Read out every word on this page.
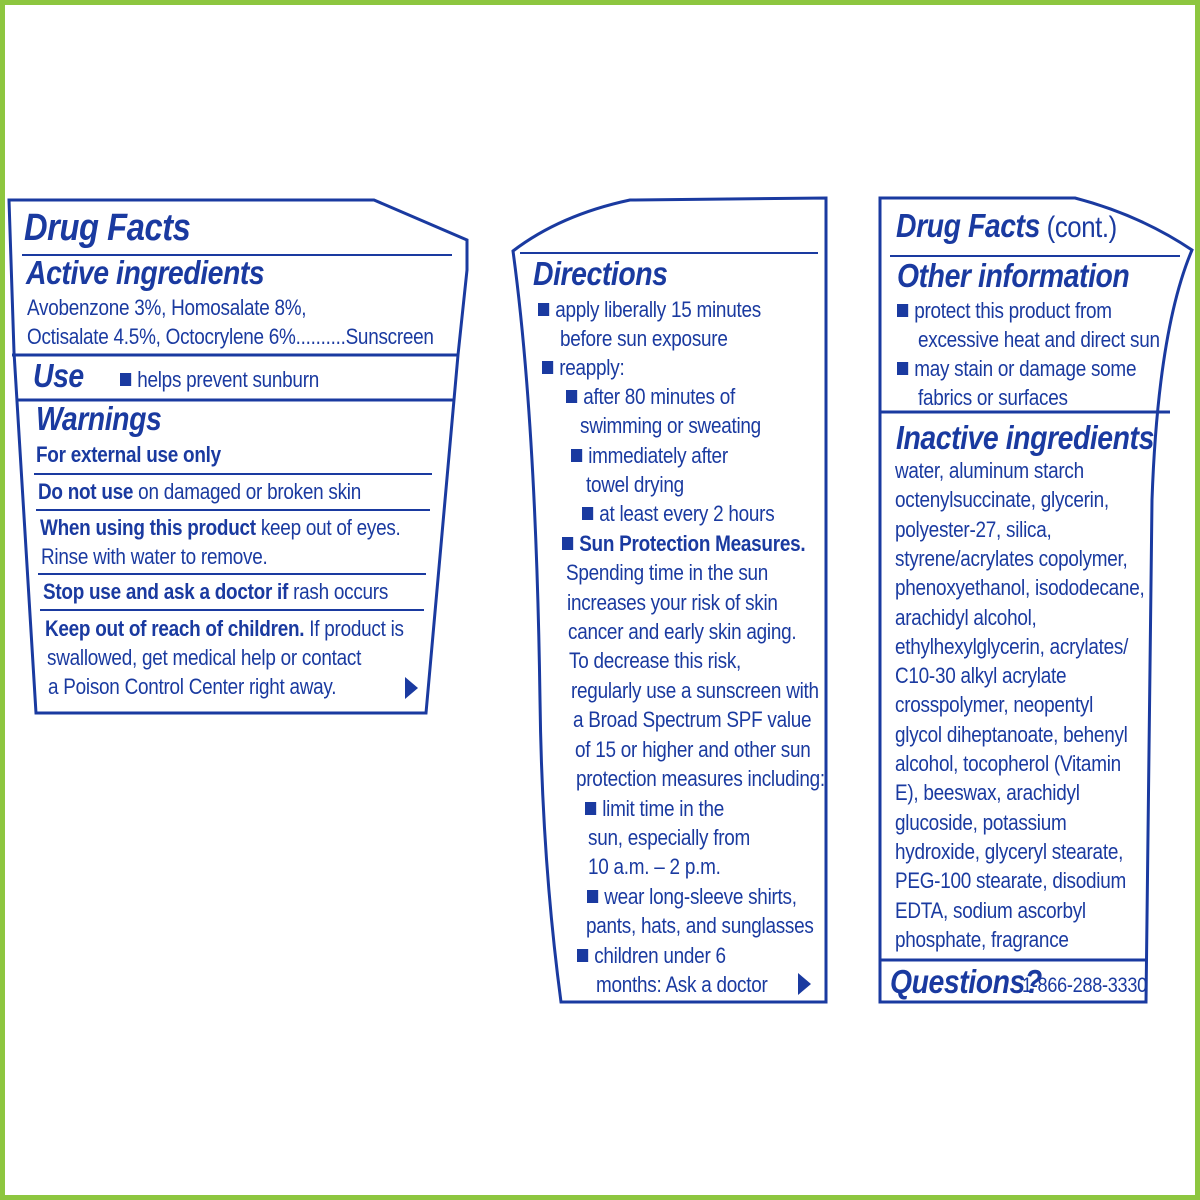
Drug Facts
Active ingredients
Avobenzone 3%, Homosalate 8%,
Octisalate 4.5%, Octocrylene 6%..........Sunscreen
Use	helps prevent sunburn
Warnings
For external use only
Do not use on damaged or broken skin
When using this product keep out of eyes.
Rinse with water to remove.
Stop use and ask a doctor if rash occurs
Keep out of reach of children. If product is
swallowed, get medical help or contact
a Poison Control Center right away.
Directions
apply liberally 15 minutes
before sun exposure
reapply:
after 80 minutes of
swimming or sweating
immediately after
towel drying
at least every 2 hours
Sun Protection Measures.
Spending time in the sun
increases your risk of skin
cancer and early skin aging.
To decrease this risk,
regularly use a sunscreen with
a Broad Spectrum SPF value
of 15 or higher and other sun
protection measures including:
limit time in the
sun, especially from
10 a.m. – 2 p.m.
wear long-sleeve shirts,
pants, hats, and sunglasses
children under 6
months: Ask a doctor
Drug Facts (cont.)
Other information
protect this product from
excessive heat and direct sun
may stain or damage some
fabrics or surfaces
Inactive ingredients
water, aluminum starch
octenylsuccinate, glycerin,
polyester-27, silica,
styrene/acrylates copolymer,
phenoxyethanol, isododecane,
arachidyl alcohol,
ethylhexylglycerin, acrylates/
C10-30 alkyl acrylate
crosspolymer, neopentyl
glycol diheptanoate, behenyl
alcohol, tocopherol (Vitamin
E), beeswax, arachidyl
glucoside, potassium
hydroxide, glyceryl stearate,
PEG-100 stearate, disodium
EDTA, sodium ascorbyl
phosphate, fragrance
Questions?
1-866-288-3330
